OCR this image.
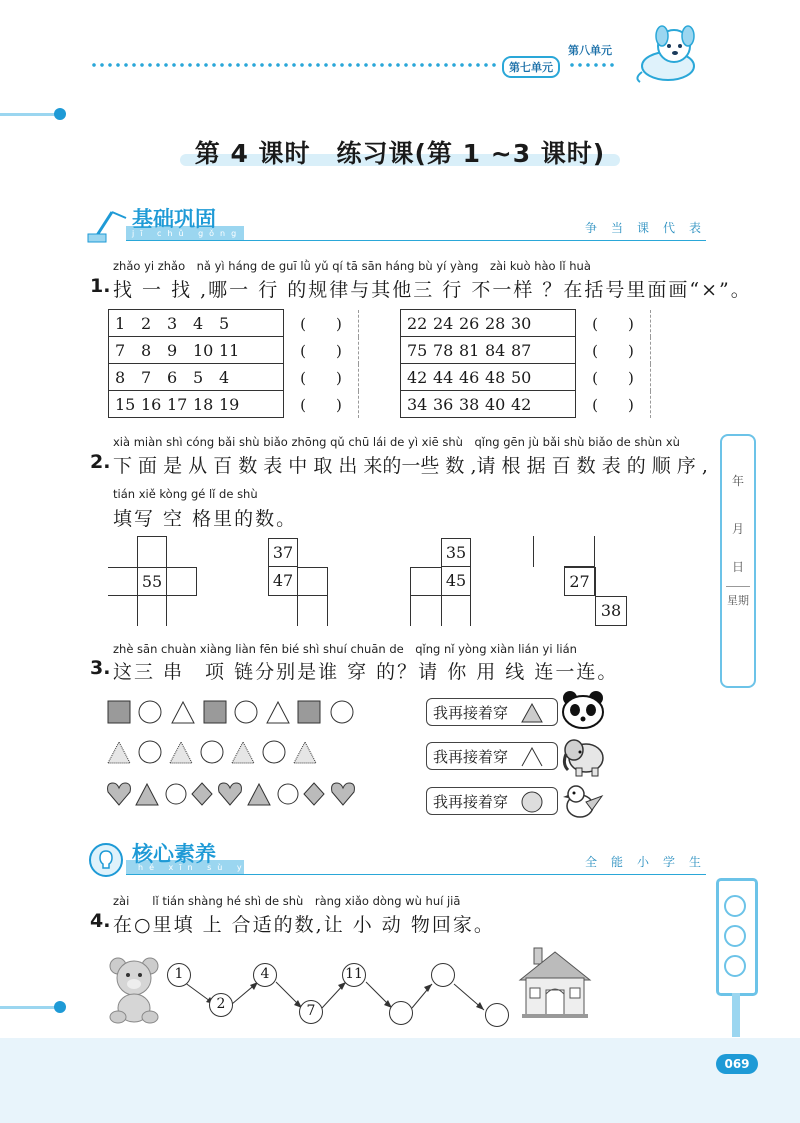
第七单元
第八单元
第 4 课时　练习课(第 1 ~3 课时)
基础巩固
jī chǔ gǒng gù	争当课代表
zhǎo yi zhǎo　nǎ yì háng de guī lǜ yǔ qí tā sān háng bù yí yàng　zài kuò hào lǐ huà
1. 找 一 找 ,哪一 行 的规律与其他三 行 不一样 ？在括号里面画“×”。
1 2 3 4 5	(　　)
7 8 9 10 11	(　　)
8 7 6 5 4	(　　)
15 16 17 18 19	(　　)
22 24 26 28 30	(　　)
75 78 81 84 87	(　　)
42 44 46 48 50	(　　)
34 36 38 40 42	(　　)
xià miàn shì cóng bǎi shù biǎo zhōng qǔ chū lái de yì xiē shù　qǐng gēn jù bǎi shù biǎo de shùn xù
2. 下 面 是 从 百 数 表 中 取 出 来的一些 数 ,请 根 据 百 数 表 的 顺 序 ,
tián xiě kòng gé lǐ de shù
填写 空 格里的数。
55
37
47
35
45	27
38
年
月
日
星期
zhè sān chuàn xiàng liàn fēn bié shì shuí chuān de　qǐng nǐ yòng xiàn lián yi lián
3. 这三 串　项 链分别是谁 穿 的？请 你 用 线 连一连。
我再接着穿
我再接着穿
我再接着穿
核心素养
hé xīn sù yǎng	全能小学生
zài　　lǐ tián shàng hé shì de shù　ràng xiǎo dòng wù huí jiā
4. 在○里填 上 合适的数,让 小 动 物回家。
1
2
4
7
11
069
